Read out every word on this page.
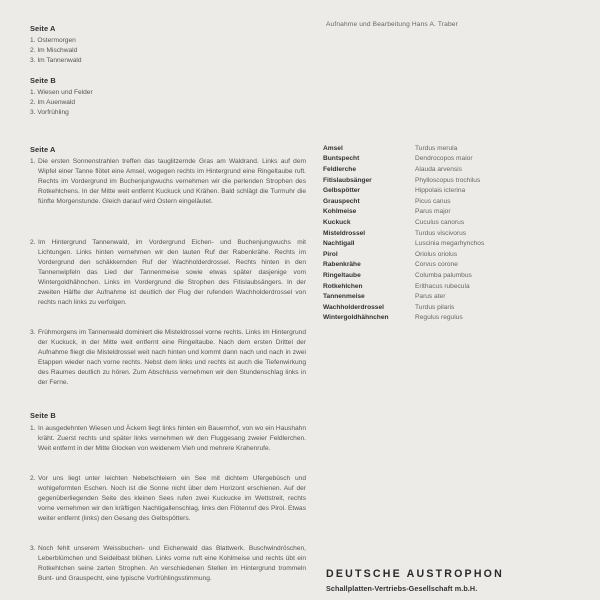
Aufnahme und Bearbeitung Hans A. Traber
Seite A
1. Ostermorgen
2. Im Mischwald
3. Im Tannenwald
Seite B
1. Wiesen und Felder
2. Im Auenwald
3. Vorfrühling
Seite A
1. Die ersten Sonnenstrahlen treffen das tauglitzernde Gras am Waldrand. Links auf dem Wipfel einer Tanne flötet eine Amsel, wogegen rechts im Hintergrund eine Ringeltaube ruft. Rechts im Vordergrund im Buchenjungwuchs vernehmen wir die perlenden Strophen des Rotkehlchens. In der Mitte weit entfernt Kuckuck und Krähen. Bald schlägt die Turmuhr die fünfte Morgenstunde. Gleich darauf wird Ostern eingeläutet.
2. Im Hintergrund Tannenwald, im Vordergrund Eichen- und Buchenjungwuchs mit Lichtungen. Links hinten vernehmen wir den lauten Ruf der Rabenkrähe. Rechts im Vordergrund den schäkkernden Ruf der Wachholderdrossel. Rechts hinten in den Tannenwipfeln das Lied der Tannenmeise sowie etwas später dasjenige vom Wintergoldhähnchen. Links im Vordergrund die Strophen des Fitislaubsängers. In der zweiten Hälfte der Aufnahme ist deutlich der Flug der rufenden Wachholderdrossel von rechts nach links zu verfolgen.
3. Frühmorgens im Tannenwald dominiert die Misteldrossel vorne rechts. Links im Hintergrund der Kuckuck, in der Mitte weit entfernt eine Ringeltaube. Nach dem ersten Drittel der Aufnahme fliegt die Misteldrossel weit nach hinten und kommt dann nach und nach in zwei Etappen wieder nach vorne rechts. Nebst dem links und rechts ist auch die Tiefenwirkung des Raumes deutlich zu hören. Zum Abschluss vernehmen wir den Stundenschlag links in der Ferne.
Seite B
1. In ausgedehnten Wiesen und Äckern liegt links hinten ein Bauernhof, von wo ein Haushahn kräht. Zuerst rechts und später links vernehmen wir den Fluggesang zweier Feldlerchen. Weit entfernt in der Mitte Glocken von weidenem Vieh und mehrere Krahenrufe.
2. Vor uns liegt unter leichten Nebelschleiern ein See mit dichtem Ufergebüsch und wohlgeformten Eschen. Noch ist die Sonne nicht über dem Horizont erschienen. Auf der gegenüberliegenden Seite des kleinen Sees rufen zwei Kuckucke im Wettstreit, rechts vorne vernehmen wir den kräftigen Nachtigallenschlag, links den Flötenruf des Pirol. Etwas weiter entfernt (links) den Gesang des Gelbspötters.
3. Noch fehlt unserem Weissbuchen- und Eichenwald das Blattwerk. Buschwindröschen, Leberblümchen und Seidelbast blühen. Links vorne ruft eine Kohlmeise und rechts übt ein Rotkehlchen seine zarten Strophen. An verschiedenen Stellen im Hintergrund trommeln Bunt- und Grauspecht, eine typische Vorfrühlingsstimmung.
Amsel	Turdus merula
Buntspecht	Dendrocopos maior
Feldlerche	Alauda arvensis
Fitislaubsänger	Phylloscopus trochilus
Gelbspötter	Hippolais icterina
Grauspecht	Picus canus
Kohlmeise	Parus major
Kuckuck	Cuculus canorus
Misteldrossel	Turdus viscivorus
Nachtigall	Luscinia megarhynchos
Pirol	Oriolus oriolus
Rabenkrähe	Corvus corone
Ringeltaube	Columba palumbus
Rotkehlchen	Erithacus rubecula
Tannenmeise	Parus ater
Wachholderdrossel	Turdus pilaris
Wintergoldhähnchen	Regulus regulus
DEUTSCHE AUSTROPHON
Schallplatten-Vertriebs-Gesellschaft m.b.H.
